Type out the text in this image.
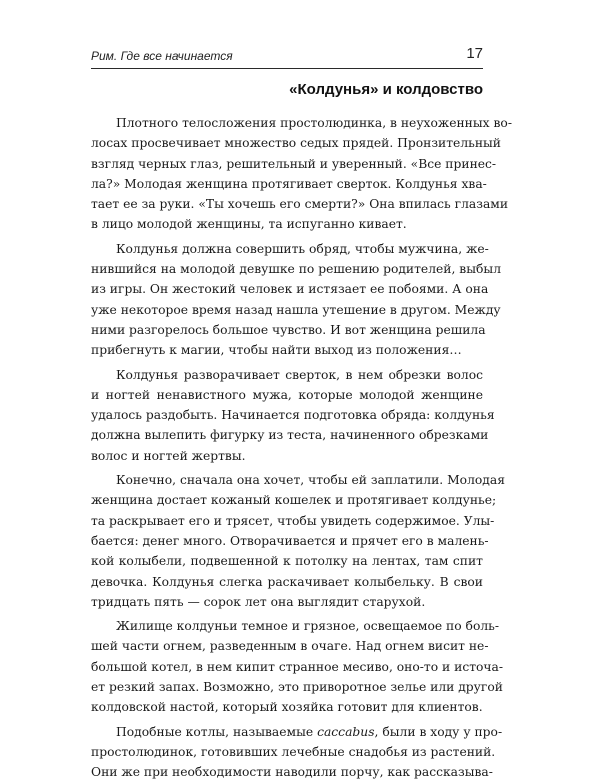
Рим. Где все начинается	17
«Колдунья» и колдовство
Плотного телосложения простолюдинка, в неухоженных во-
лосах просвечивает множество седых прядей. Пронзительный
взгляд черных глаз, решительный и уверенный. «Все принес-
ла?» Молодая женщина протягивает сверток. Колдунья хва-
тает ее за руки. «Ты хочешь его смерти?» Она впилась глазами
в лицо молодой женщины, та испуганно кивает.
Колдунья должна совершить обряд, чтобы мужчина, же-
нившийся на молодой девушке по решению родителей, выбыл
из игры. Он жестокий человек и истязает ее побоями. А она
уже некоторое время назад нашла утешение в другом. Между
ними разгорелось большое чувство. И вот женщина решила
прибегнуть к магии, чтобы найти выход из положения…
Колдунья разворачивает сверток, в нем обрезки волос
и ногтей ненавистного мужа, которые молодой женщине
удалось раздобыть. Начинается подготовка обряда: колдунья
должна вылепить фигурку из теста, начиненного обрезками
волос и ногтей жертвы.
Конечно, сначала она хочет, чтобы ей заплатили. Молодая
женщина достает кожаный кошелек и протягивает колдунье;
та раскрывает его и трясет, чтобы увидеть содержимое. Улы-
бается: денег много. Отворачивается и прячет его в малень-
кой колыбели, подвешенной к потолку на лентах, там спит
девочка. Колдунья слегка раскачивает колыбельку. В свои
тридцать пять — сорок лет она выглядит старухой.
Жилище колдуньи темное и грязное, освещаемое по боль-
шей части огнем, разведенным в очаге. Над огнем висит не-
большой котел, в нем кипит странное месиво, оно-то и источа-
ет резкий запах. Возможно, это приворотное зелье или другой
колдовской настой, который хозяйка готовит для клиентов.
Подобные котлы, называемые caccabus, были в ходу у про-
простолюдинок, готовивших лечебные снадобья из растений.
Они же при необходимости наводили порчу, как рассказыва-
